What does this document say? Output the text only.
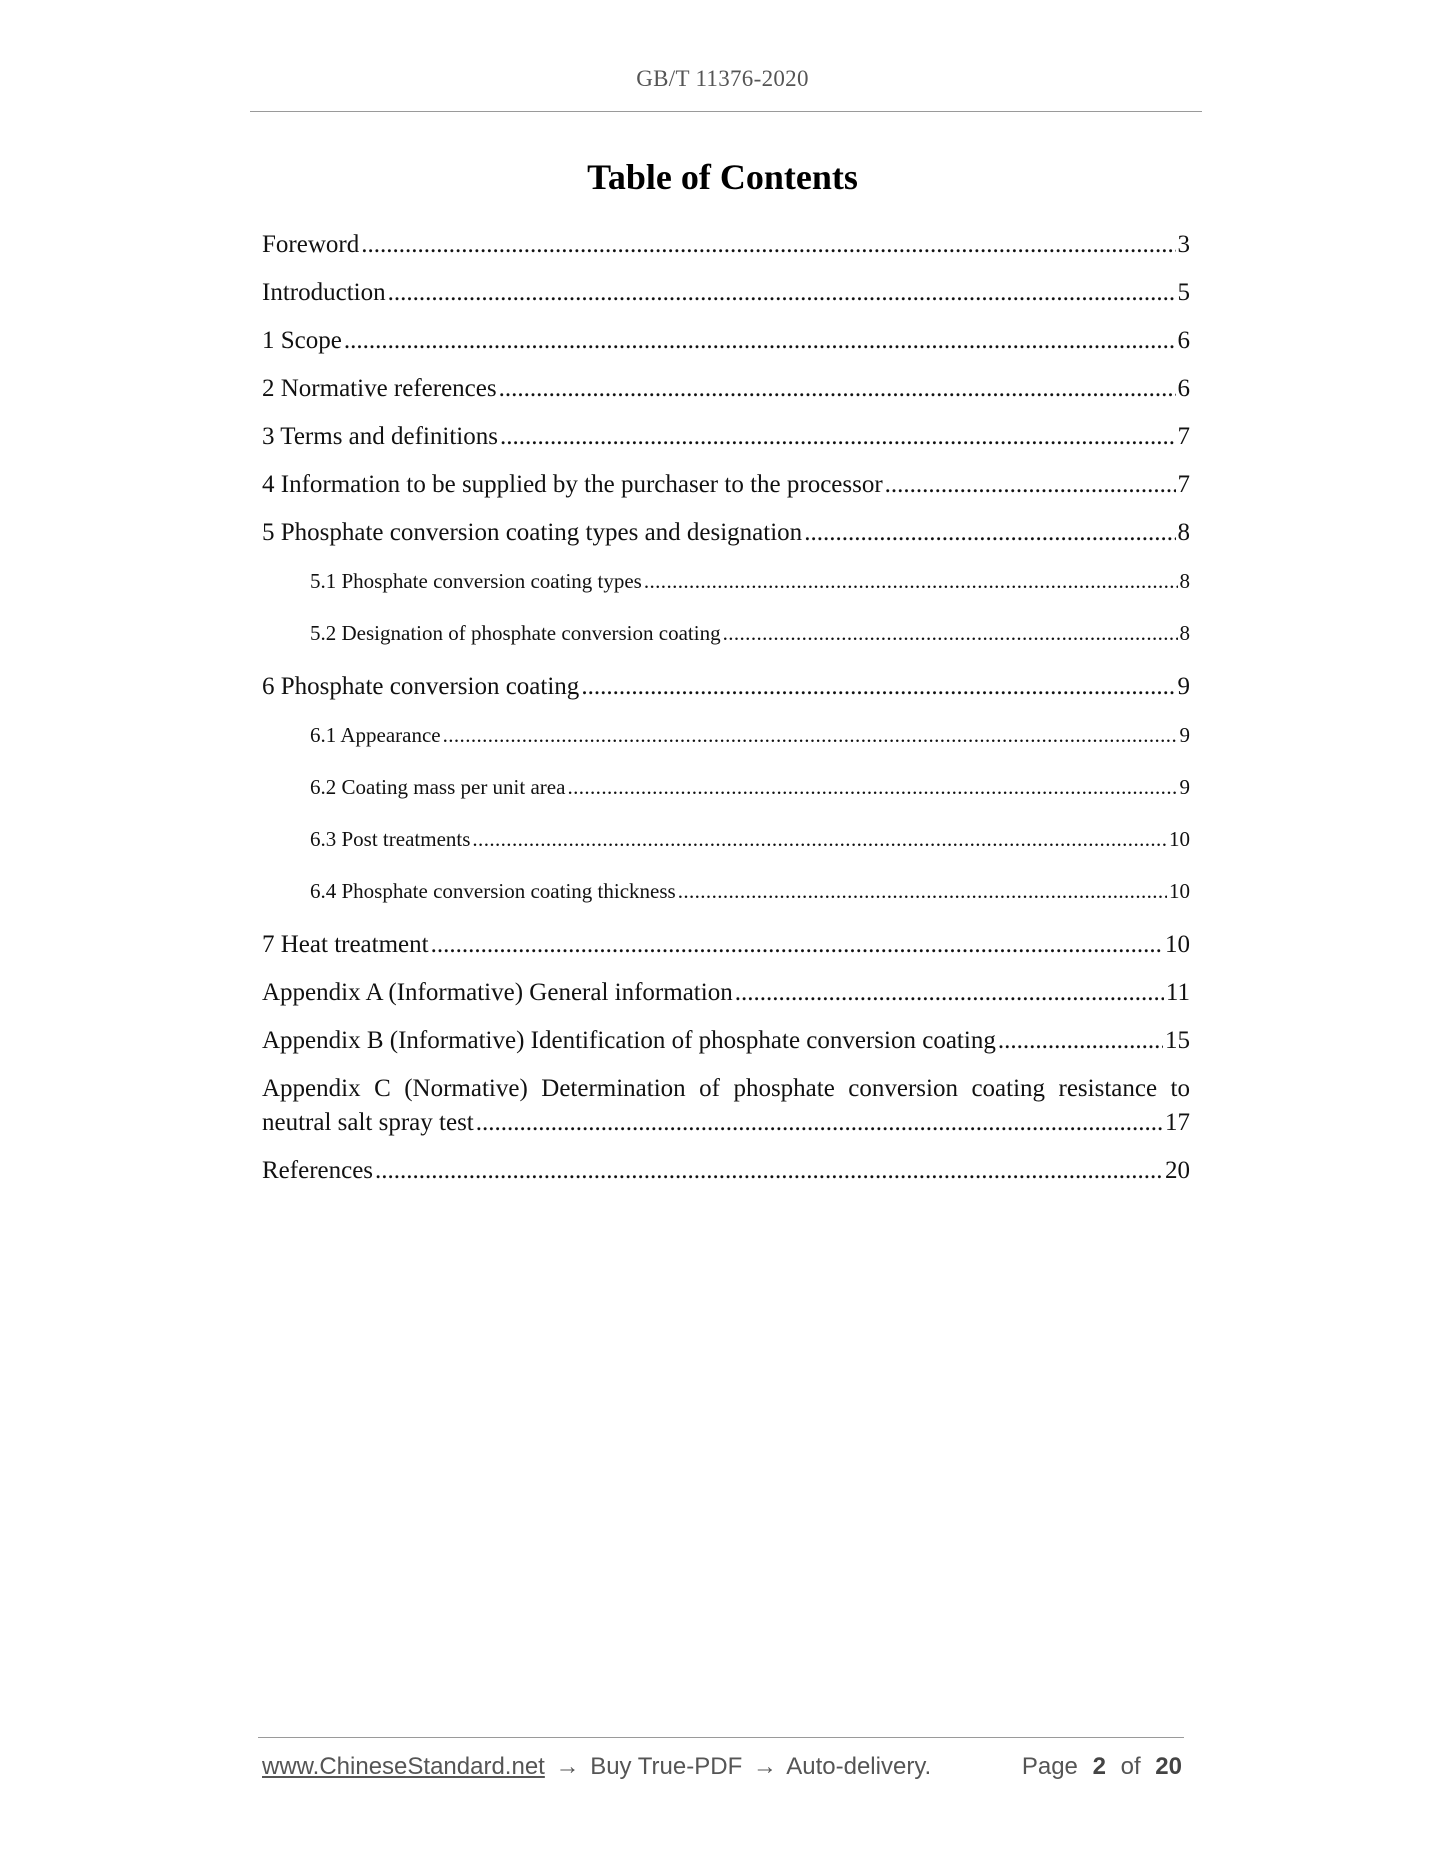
GB/T 11376-2020
Table of Contents
Foreword .....	3
Introduction .....	5
1 Scope .....	6
2 Normative references .....	6
3 Terms and definitions .....	7
4 Information to be supplied by the purchaser to the processor .....	7
5 Phosphate conversion coating types and designation .....	8
5.1 Phosphate conversion coating types .....	8
5.2 Designation of phosphate conversion coating .....	8
6 Phosphate conversion coating .....	9
6.1 Appearance .....	9
6.2 Coating mass per unit area .....	9
6.3 Post treatments .....	10
6.4 Phosphate conversion coating thickness .....	10
7 Heat treatment .....	10
Appendix A (Informative) General information .....	11
Appendix B (Informative) Identification of phosphate conversion coating .....	15
Appendix C (Normative) Determination of phosphate conversion coating resistance to
neutral salt spray test .....	17
References .....	20
www.ChineseStandard.net → Buy True-PDF → Auto-delivery.	Page 2 of 20
